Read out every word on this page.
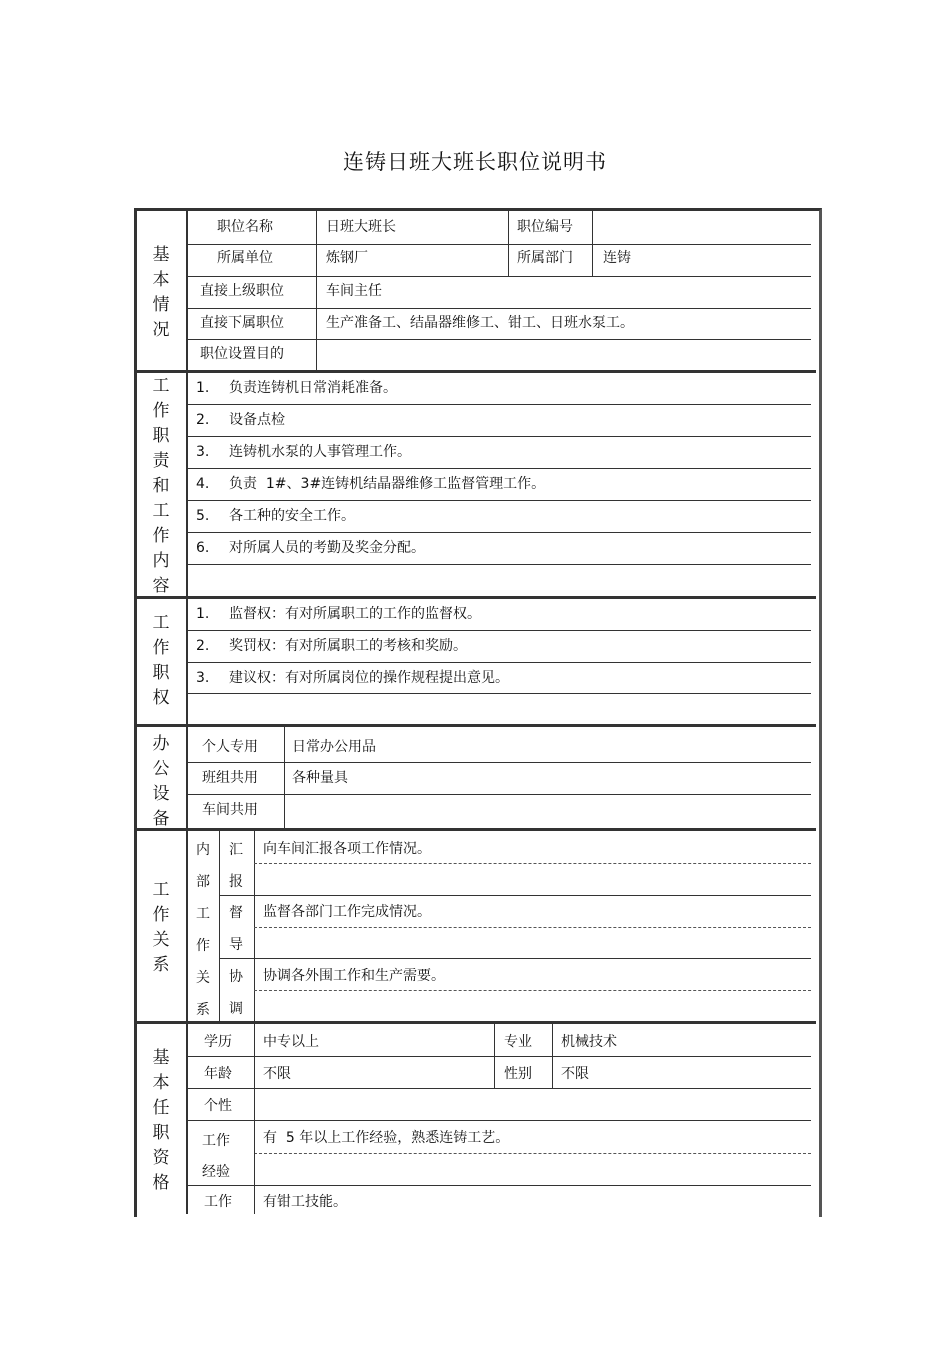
连铸日班大班长职位说明书
基本情况
职位名称	日班大班长	职位编号
所属单位	炼钢厂	所属部门 连铸
直接上级职位	车间主任
直接下属职位	生产准备工、结晶器维修工、钳工、日班水泵工。
职位设置目的
工作职责和工作内容
1. 负责连铸机日常消耗准备。
2. 设备点检
3. 连铸机水泵的人事管理工作。
4. 负责  1#、3#连铸机结晶器维修工监督管理工作。
5. 各工种的安全工作。
6. 对所属人员的考勤及奖金分配。
工作职权
1. 监督权：有对所属职工的工作的监督权。
2. 奖罚权：有对所属职工的考核和奖励。
3. 建议权：有对所属岗位的操作规程提出意见。
办公设备
个人专用 日常办公用品
班组共用 各种量具
车间共用
工作关系
内部工作关系
汇报
向车间汇报各项工作情况。
督导
监督各部门工作完成情况。
协调
协调各外围工作和生产需要。
基本任职资格
学历 中专以上	专业 机械技术
年龄 不限	性别 不限
个性
工作经验
有  5 年以上工作经验，熟悉连铸工艺。
工作 有钳工技能。
